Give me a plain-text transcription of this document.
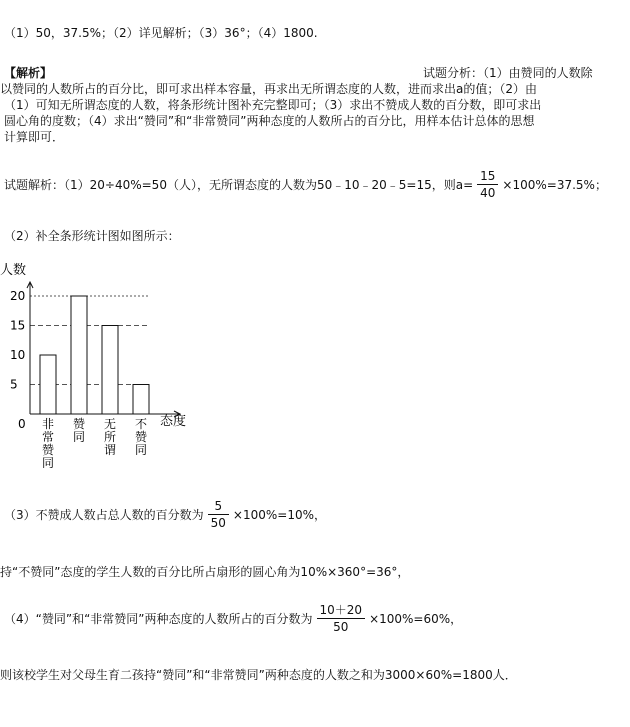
（1）50，37.5%；（2）详见解析；（3）36°；（4）1800.
【解析】	试题分析：（1）由赞同的人数除
以赞同的人数所占的百分比，即可求出样本容量，再求出无所谓态度的人数，进而求出a的值；（2）由
（1）可知无所谓态度的人数，将条形统计图补充完整即可；（3）求出不赞成人数的百分数，即可求出
圆心角的度数；（4）求出“赞同”和“非常赞同”两种态度的人数所占的百分比，用样本估计总体的思想
计算即可．
试题解析：（1）20÷40%=50（人），无所谓态度的人数为50﹣10﹣20﹣5=15，则$a= \frac{15}{40} \times 100\%=37.5\%$；
（2）补全条形统计图如图所示：
人数
0
5
10
15
20
非
常
赞
同
赞
同
无
所
谓
不
赞
同
态度
（3）不赞成人数占总人数的百分数为 $\frac{5}{50} \times 100\%=10\%$，
持“不赞同”态度的学生人数的百分比所占扇形的圆心角为10%×360°=36°，
（4）“赞同”和“非常赞同”两种态度的人数所占的百分数为 $\frac{10+20}{50} \times 100\%=60\%$，
则该校学生对父母生育二孩持“赞同”和“非常赞同”两种态度的人数之和为3000×60%=1800人．
